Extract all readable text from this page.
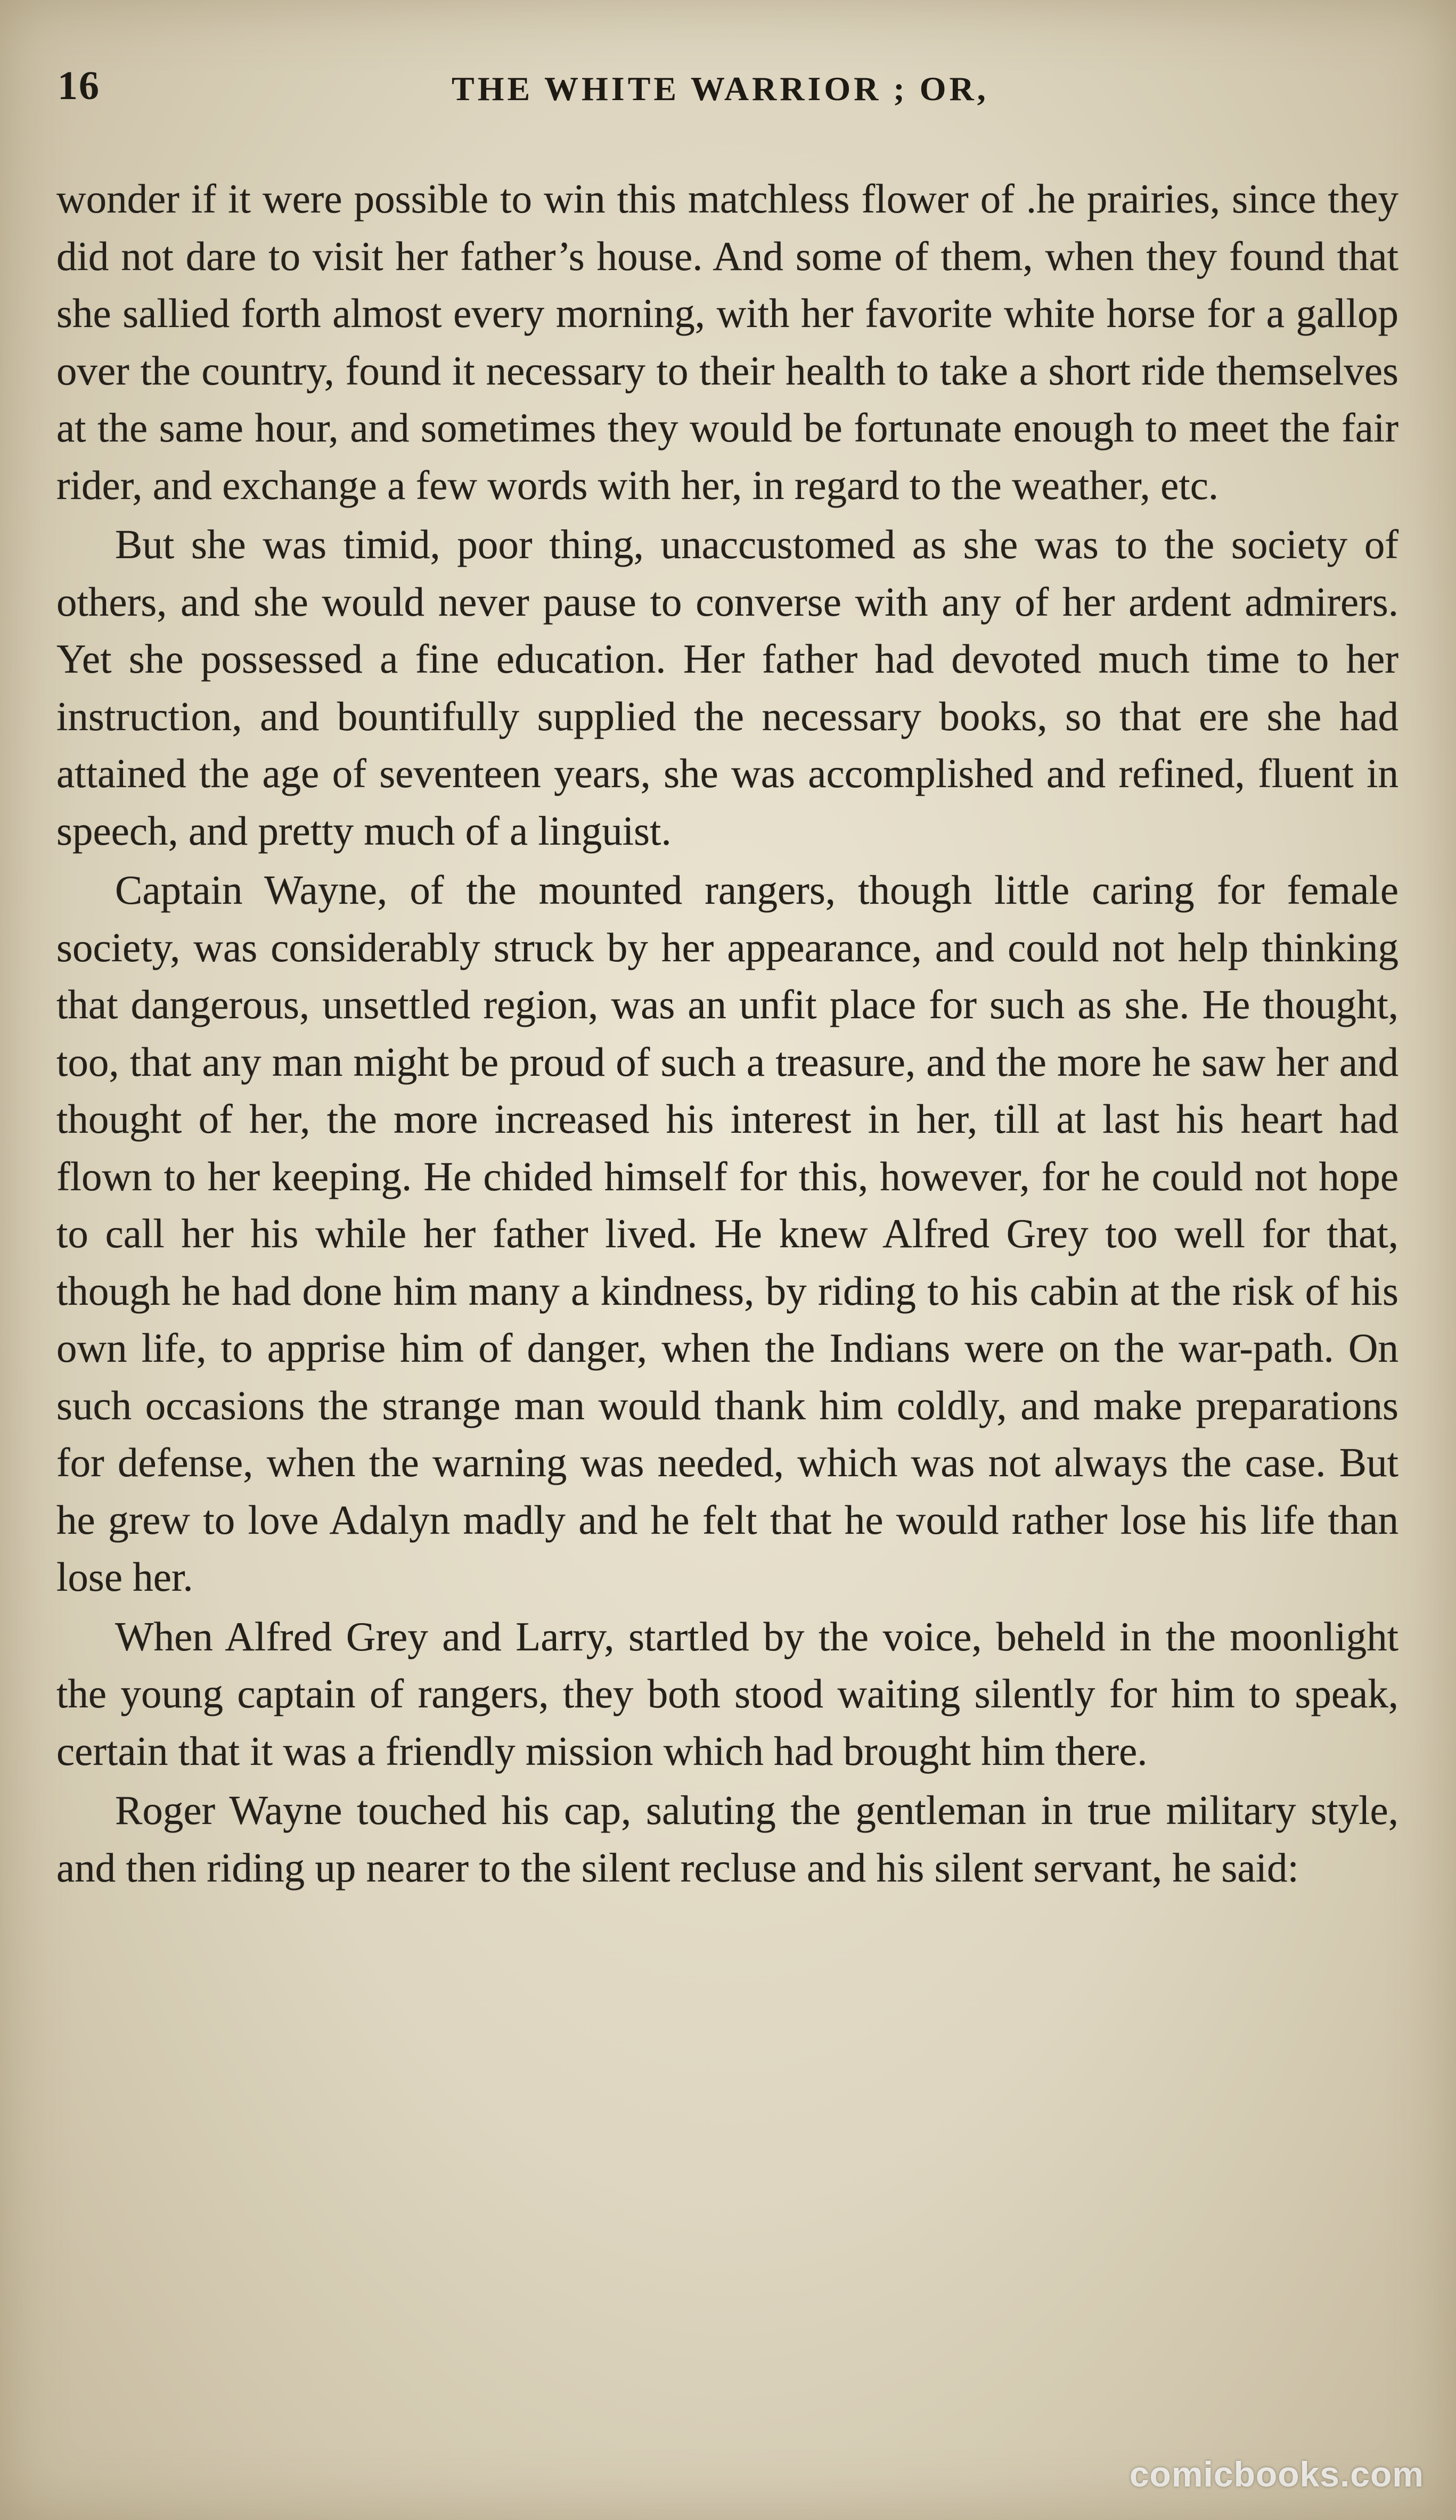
16	THE WHITE WARRIOR ; OR,

wonder if it were possible to win this matchless flower of .he prairies, since they did not dare to visit her father’s house. And some of them, when they found that she sallied forth almost every morning, with her favorite white horse for a gallop over the country, found it necessary to their health to take a short ride themselves at the same hour, and sometimes they would be fortunate enough to meet the fair rider, and exchange a few words with her, in regard to the weather, etc.

But she was timid, poor thing, unaccustomed as she was to the society of others, and she would never pause to converse with any of her ardent admirers. Yet she possessed a fine education. Her father had devoted much time to her instruction, and bountifully supplied the necessary books, so that ere she had attained the age of seventeen years, she was accomplished and refined, fluent in speech, and pretty much of a linguist.

Captain Wayne, of the mounted rangers, though little caring for female society, was considerably struck by her appearance, and could not help thinking that dangerous, unsettled region, was an unfit place for such as she. He thought, too, that any man might be proud of such a treasure, and the more he saw her and thought of her, the more increased his interest in her, till at last his heart had flown to her keeping. He chided himself for this, however, for he could not hope to call her his while her father lived. He knew Alfred Grey too well for that, though he had done him many a kindness, by riding to his cabin at the risk of his own life, to apprise him of danger, when the Indians were on the war-path. On such occasions the strange man would thank him coldly, and make preparations for defense, when the warning was needed, which was not always the case. But he grew to love Adalyn madly and he felt that he would rather lose his life than lose her.

When Alfred Grey and Larry, startled by the voice, beheld in the moonlight the young captain of rangers, they both stood waiting silently for him to speak, certain that it was a friendly mission which had brought him there.

Roger Wayne touched his cap, saluting the gentleman in true military style, and then riding up nearer to the silent recluse and his silent servant, he said:

comicbooks.com
